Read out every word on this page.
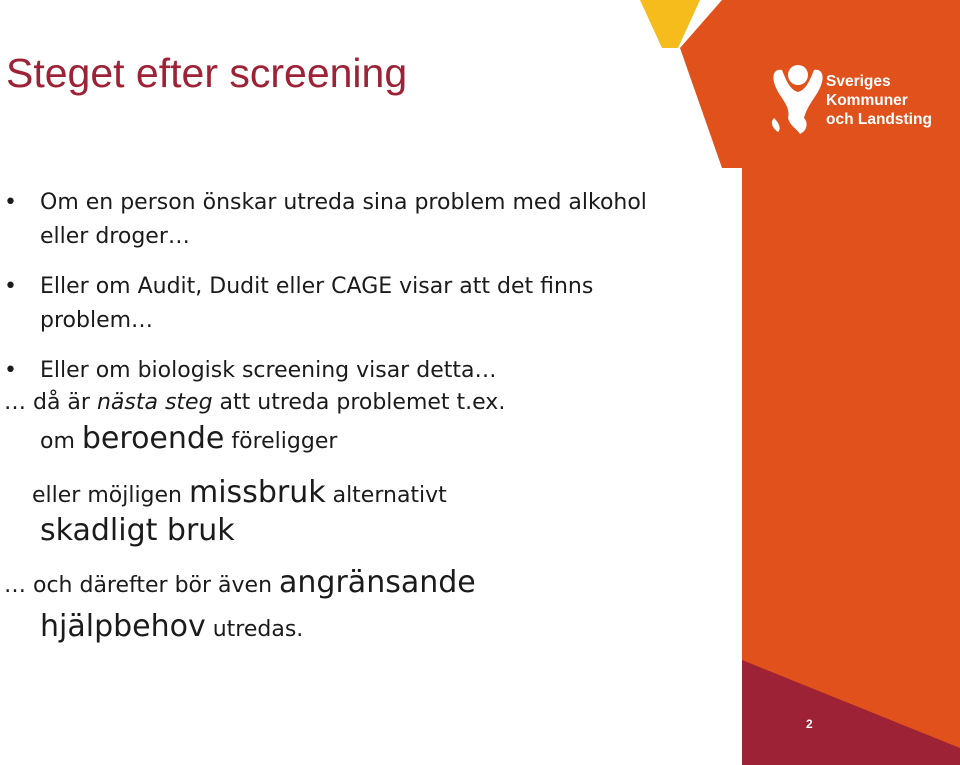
Sveriges
Kommuner
och Landsting
Steget efter screening
• Om en person önskar utreda sina problem med alkohol eller droger…
• Eller om Audit, Dudit eller CAGE visar att det finns problem…
• Eller om biologisk screening visar detta…
… då är nästa steg att utreda problemet t.ex.
om beroende föreligger
eller möjligen missbruk alternativt
skadligt bruk
… och därefter bör även angränsande
hjälpbehov utredas.
2
